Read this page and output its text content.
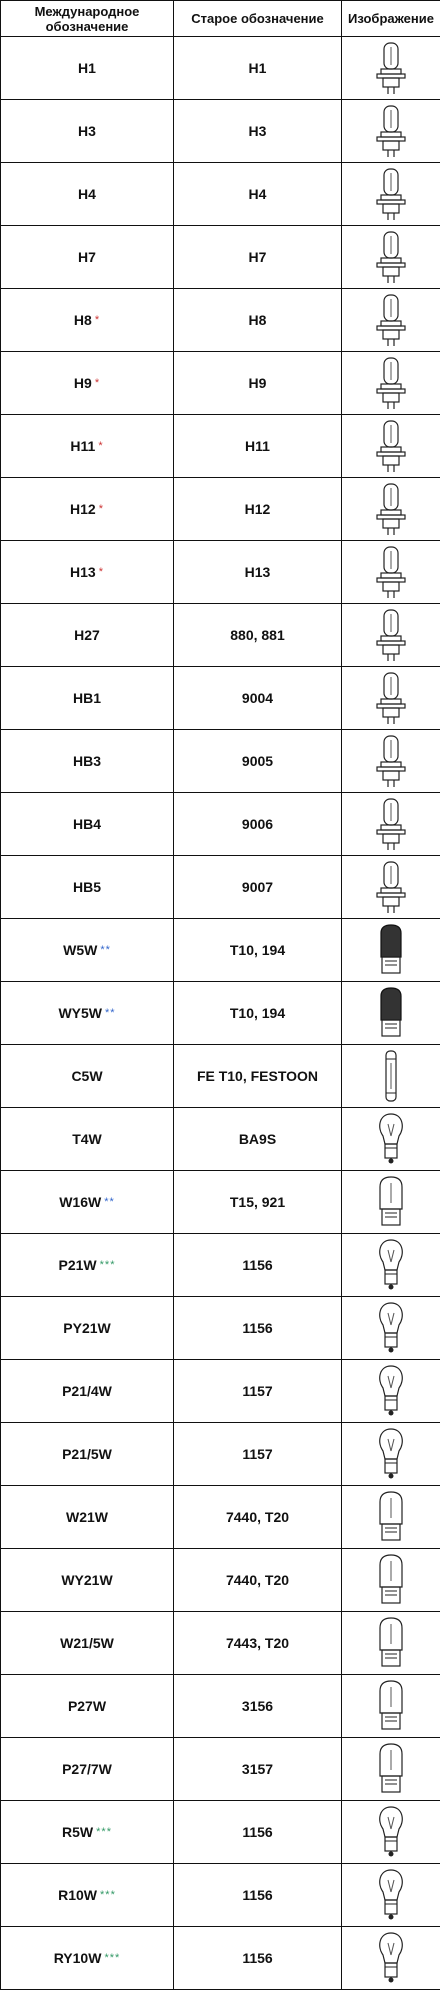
Международное обозначение	Старое обозначение	Изображение
H1	H1	

H3	H3	

H4	H4	

H7	H7	

H8 *	H8	

H9 *	H9	

H11 *	H11	

H12 *	H12	

H13 *	H13	

H27	880, 881	

HB1	9004	

HB3	9005	

HB4	9006	

HB5	9007	

W5W **	T10, 194	

WY5W **	T10, 194	

C5W	FE T10, FESTOON	

T4W	BA9S	

W16W **	T15, 921	

P21W ***	1156	

PY21W	1156	

P21/4W	1157	

P21/5W	1157	

W21W	7440, T20	

WY21W	7440, T20	

W21/5W	7443, T20	

P27W	3156	

P27/7W	3157	

R5W ***	1156	

R10W ***	1156	

RY10W ***	1156	
